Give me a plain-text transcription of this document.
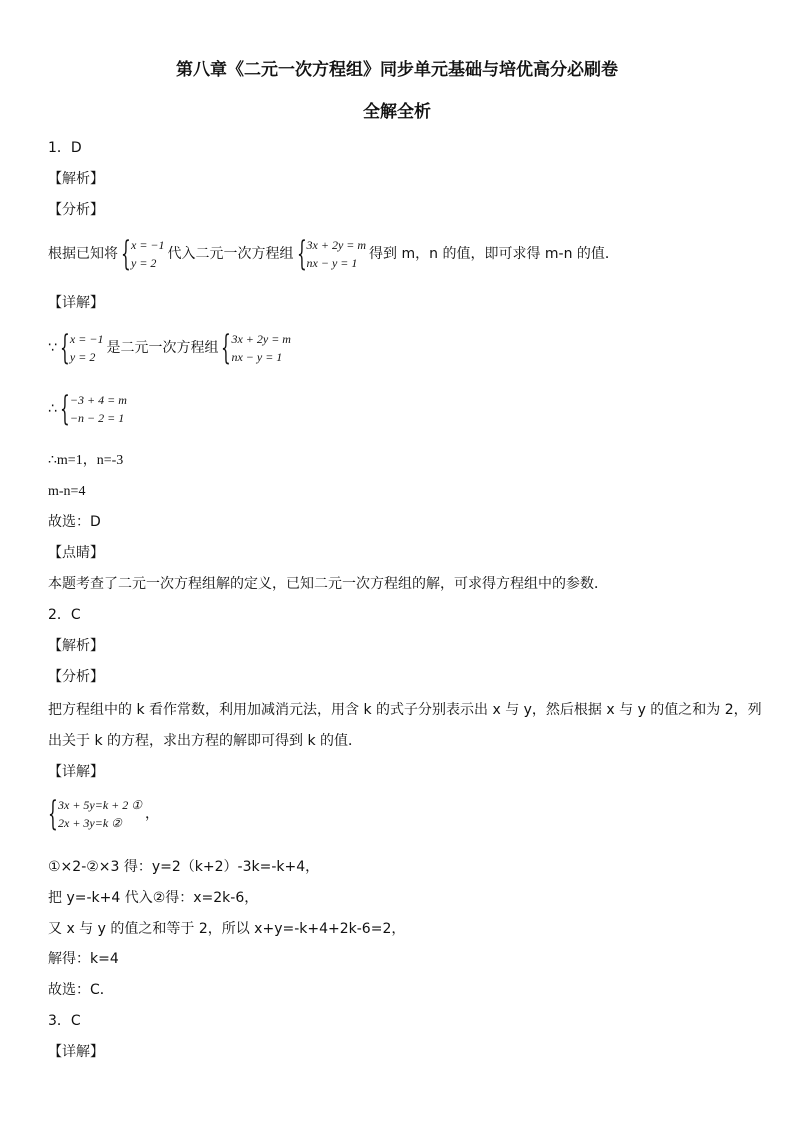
第八章《二元一次方程组》同步单元基础与培优高分必刷卷
全解全析
1．D
【解析】
【分析】
根据已知将 { x = −1
y = 2
代入二元一次方程组 { 3x + 2y = m
nx − y = 1
得到 m，n 的值，即可求得 m-n 的值．
【详解】
∵ { x = −1
y = 2
是二元一次方程组 { 3x + 2y = m
nx − y = 1
∴ { −3 + 4 = m
−n − 2 = 1
∴m=1，n=-3
m-n=4
故选：D
【点睛】
本题考查了二元一次方程组解的定义，已知二元一次方程组的解，可求得方程组中的参数．
2．C
【解析】
【分析】
把方程组中的 k 看作常数，利用加减消元法，用含 k 的式子分别表示出 x 与 y，然后根据 x 与 y 的值之和为 2，列
出关于 k 的方程，求出方程的解即可得到 k 的值．
【详解】
{ 3x + 5y=k + 2 ①
2x + 3y=k ②
，
①×2-②×3 得：y=2（k+2）-3k=-k+4，
把 y=-k+4 代入②得：x=2k-6，
又 x 与 y 的值之和等于 2，所以 x+y=-k+4+2k-6=2，
解得：k=4
故选：C．
3．C
【详解】
